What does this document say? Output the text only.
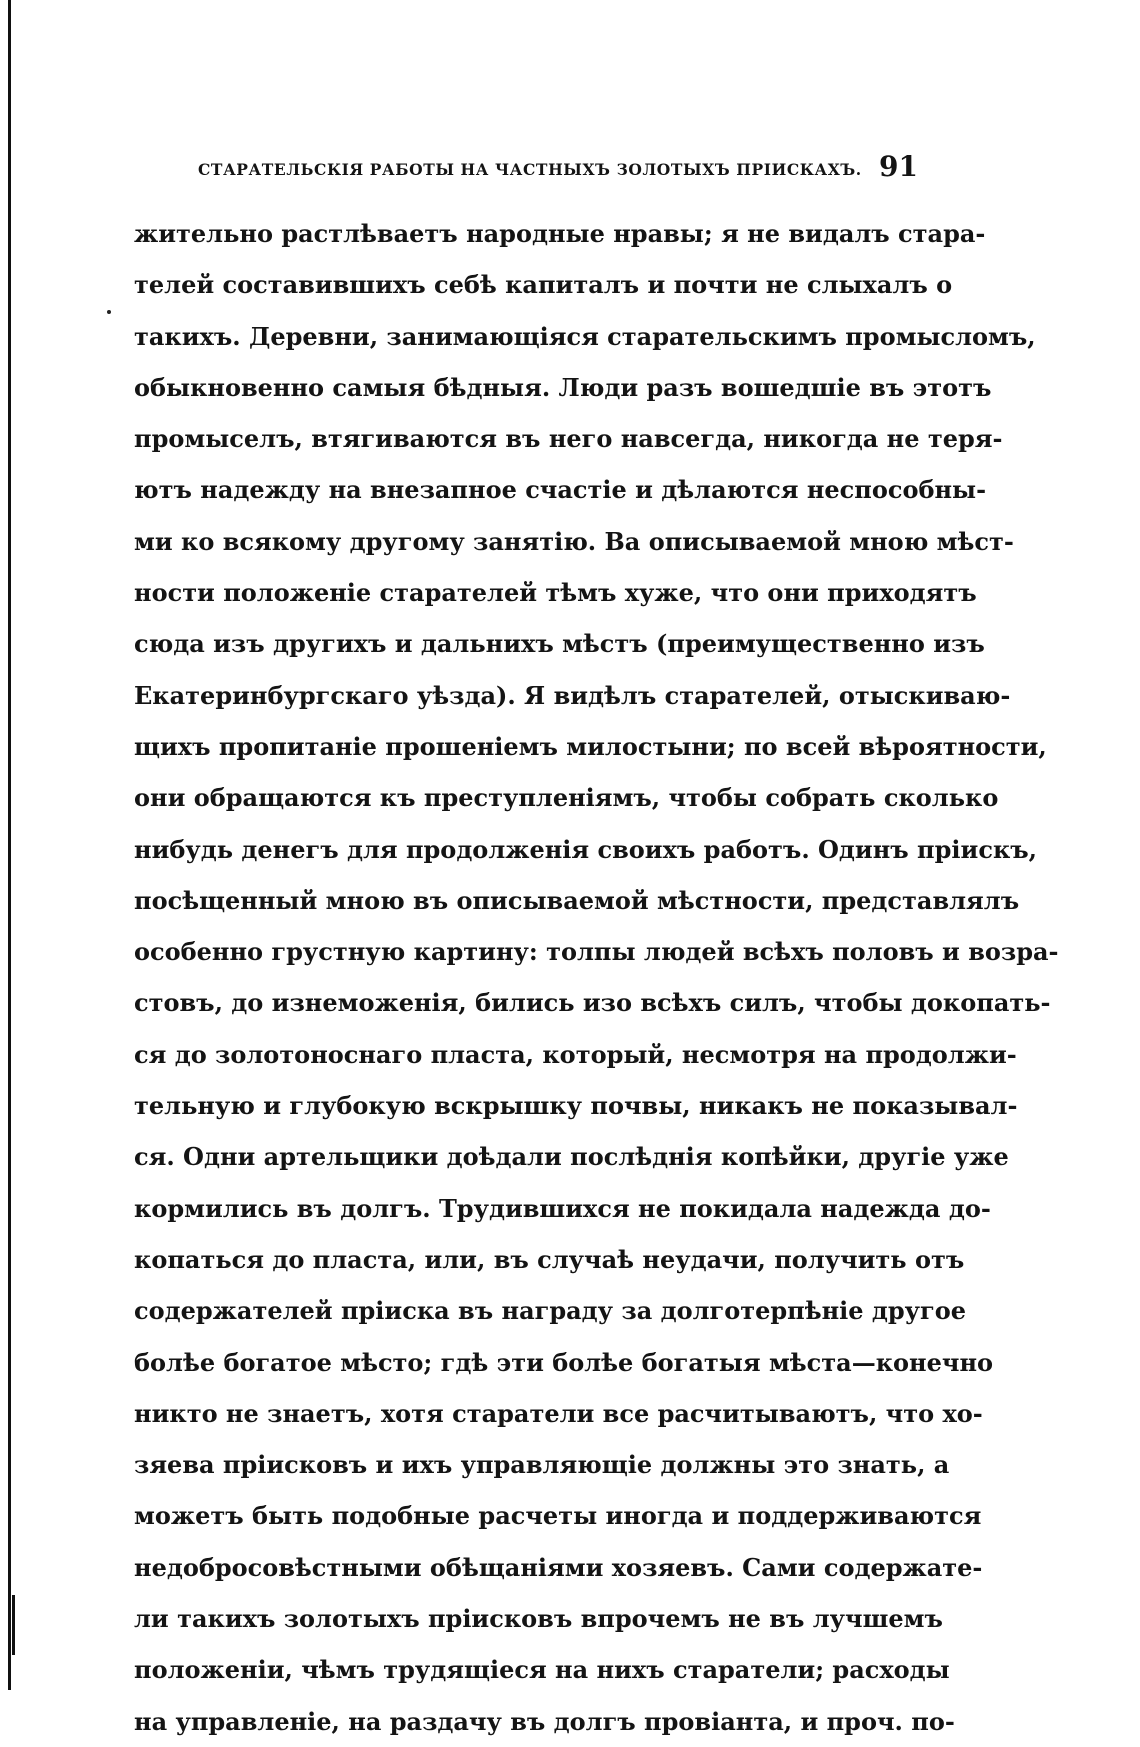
СТАРАТЕЛЬСКІЯ РАБОТЫ НА ЧАСТНЫХЪ ЗОЛОТЫХЪ ПРІИСКАХЪ. 91
жительно растлѣваетъ народные нравы; я не видалъ стара-
телей составившихъ себѣ капиталъ и почти не слыхалъ о
такихъ. Деревни, занимающіяся старательскимъ промысломъ,
обыкновенно самыя бѣдныя. Люди разъ вошедшіе въ этотъ
промыселъ, втягиваются въ него навсегда, никогда не теря-
ютъ надежду на внезапное счастіе и дѣлаются неспособны-
ми ко всякому другому занятію. Ва описываемой мною мѣст-
ности положеніе старателей тѣмъ хуже, что они приходятъ
сюда изъ другихъ и дальнихъ мѣстъ (преимущественно изъ
Екатеринбургскаго уѣзда). Я видѣлъ старателей, отыскиваю-
щихъ пропитаніе прошеніемъ милостыни; по всей вѣроятности,
они обращаются къ преступленіямъ, чтобы собрать сколько
нибудь денегъ для продолженія своихъ работъ. Одинъ пріискъ,
посѣщенный мною въ описываемой мѣстности, представлялъ
особенно грустную картину: толпы людей всѣхъ половъ и возра-
стовъ, до изнеможенія, бились изо всѣхъ силъ, чтобы докопать-
ся до золотоноснаго пласта, который, несмотря на продолжи-
тельную и глубокую вскрышку почвы, никакъ не показывал-
ся. Одни артельщики доѣдали послѣднія копѣйки, другіе уже
кормились въ долгъ. Трудившихся не покидала надежда до-
копаться до пласта, или, въ случаѣ неудачи, получить отъ
содержателей пріиска въ награду за долготерпѣніе другое
болѣе богатое мѣсто; гдѣ эти болѣе богатыя мѣста—конечно
никто не знаетъ, хотя старатели все расчитываютъ, что хо-
зяева пріисковъ и ихъ управляющіе должны это знать, а
можетъ быть подобные расчеты иногда и поддерживаются
недобросовѣстными обѣщаніями хозяевъ. Сами содержате-
ли такихъ золотыхъ пріисковъ впрочемъ не въ лучшемъ
положеніи, чѣмъ трудящіеся на нихъ старатели; расходы
на управленіе, на раздачу въ долгъ провіанта, и проч. по-
